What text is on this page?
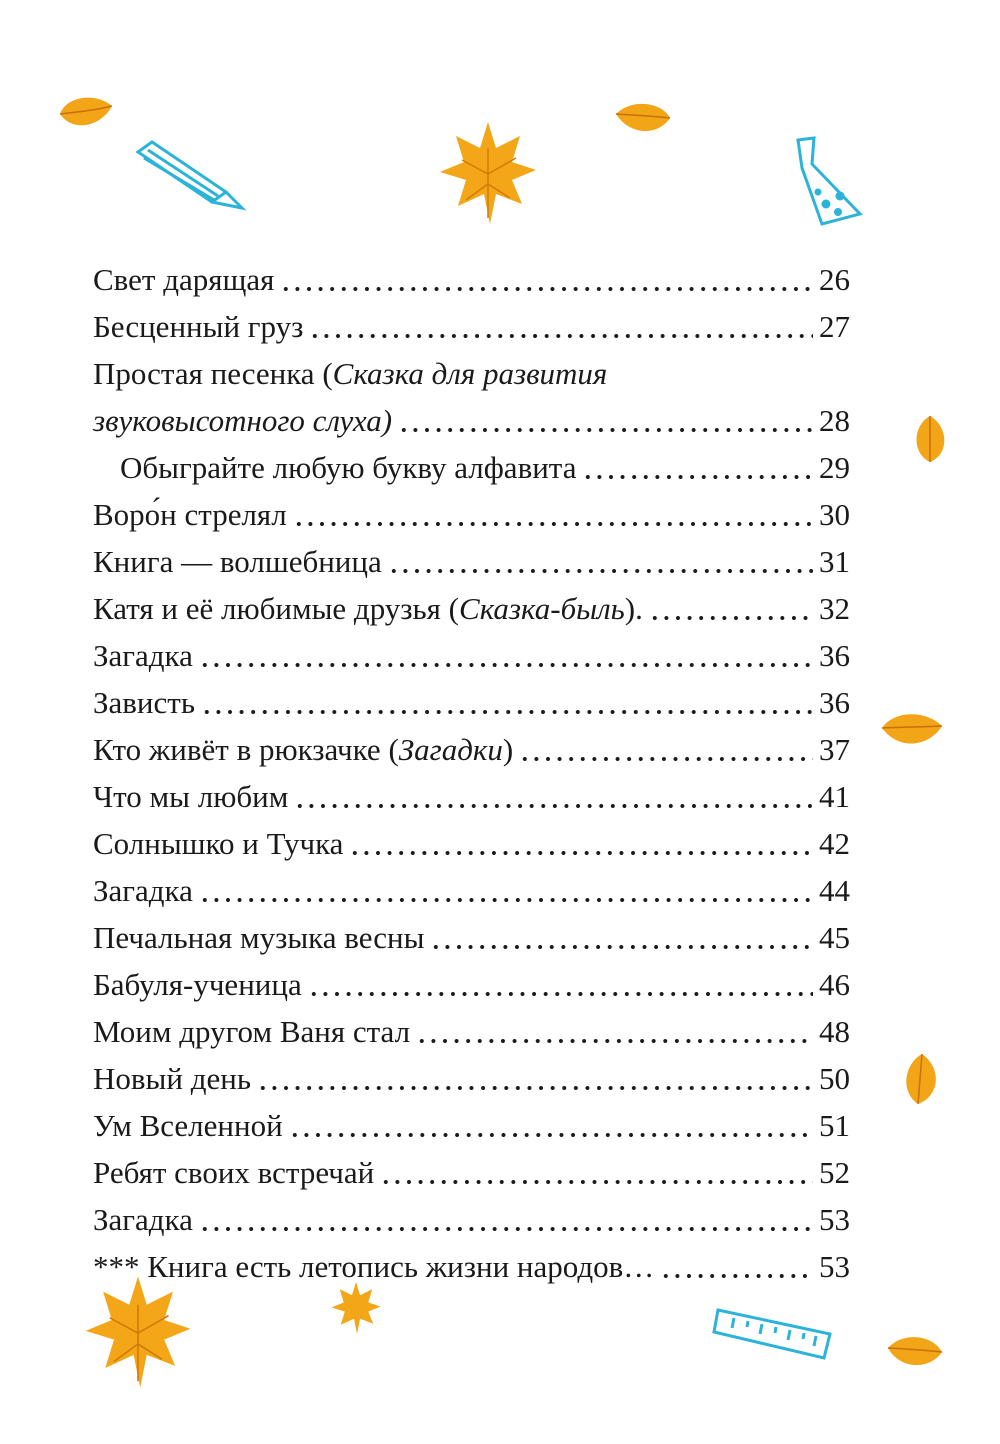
Свет дарящая	26
Бесценный груз	27
Простая песенка (Сказка для развития
звуковысотного слуха)	28
Обыграйте любую букву алфавита	29
Воро́н стрелял	30
Книга — волшебница	31
Катя и её любимые друзья (Сказка-быль).	32
Загадка	36
Зависть	36
Кто живёт в рюкзачке (Загадки)	37
Что мы любим	41
Солнышко и Тучка	42
Загадка	44
Печальная музыка весны	45
Бабуля-ученица	46
Моим другом Ваня стал	48
Новый день	50
Ум Вселенной	51
Ребят своих встречай	52
Загадка	53
*** Книга есть летопись жизни народов…	53
